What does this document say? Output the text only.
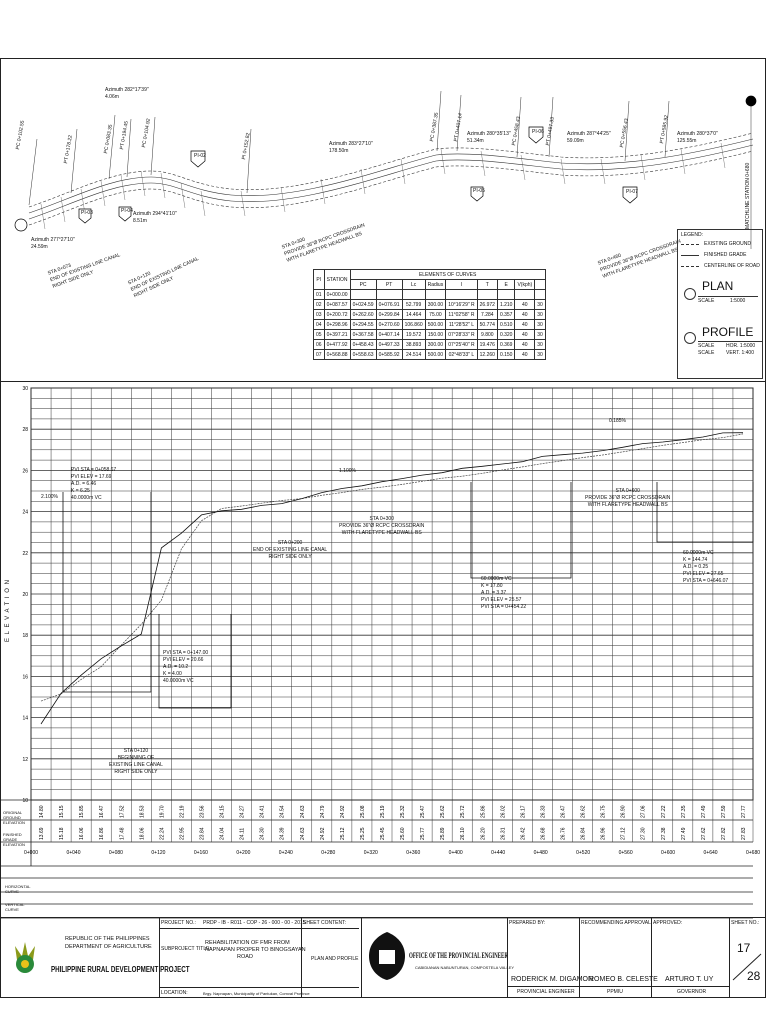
PC 0+102.55	PT 0+178.22	PC 0+083.35 PT 0+194.45 PC 0+104.92	PI 0+152.82
PC 0+387.35	PT 0+407.14	PC 0+458.43	PT 0+497.33	PC 0+556.43	PT 0+585.92
MATCHLINE STATION 0+680
Azimuth 282°17'39"
4.06m
Azimuth 283°27'10"
178.50m
Azimuth 280°35'13"
51.34m
Azimuth 287°44'25"
59.09m
Azimuth 280°37'0"
125.55m
Azimuth 277°27'10"
24.59m
Azimuth 294°41'10"
8.51m
STA 0+073
END OF EXISTING LINE CANAL
RIGHT SIDE ONLY	STA 0+120
END OF EXISTING LINE CANAL
RIGHT SIDE ONLY
STA 0+300
PROVIDE 36"Ø RCPC CROSSDRAIN
WITH FLARETYPE HEADWALL BS	STA 0+460
PROVIDE 36"Ø RCPC CROSSDRAIN
WITH FLARETYPE HEADWALL BS
PI-02
PI-03	PI-04
PI-05
PI-06
PI-07
PI	STATION	ELEMENTS OF CURVES								
		PC	PT	Lc	Radius	I	T	E	V(kph)	
01	0+000.00									
02	0+087.57	0+024.59	0+076.91	52.799	300.00	10°16'29" R	26.972	1.210	40	30
03	0+200.72	0+262.60	0+299.84	14.464	75.00	11°02'58" R	7.284	0.357	40	30
04	0+298.96	0+294.55	0+270.60	106.860	500.00	11°28'52" L	50.774	0.510	40	30
05	0+397.21	0+367.58	0+407.14	19.572	150.00	07°28'33" R	9.800	0.320	40	30
06	0+477.92	0+458.43	0+497.33	38.893	300.00	07°25'40" R	19.476	0.369	40	30
07	0+568.88	0+558.63	0+585.92	24.514	500.00	02°48'33" L	12.260	0.150	40	30
LEGEND:
EXISTING GROUND
FINISHED GRADE
CENTERLINE OF ROAD
PLAN
SCALE	1:5000
PROFILE
SCALE HOR. 1:5000
SCALE VERT. 1:400
E L E V A T I O N
30
28
26
24
22
20
18
16
14
12
10
14.80	15.15	15.85	16.47	17.52	18.53	19.70	22.19	23.56	24.15	24.27	24.41	24.54	24.63	24.79	24.92	25.08	25.19	25.32	25.47	25.62	25.72	25.86	26.02	26.17	26.33	26.47	26.62	26.75	26.90	27.06	27.22	27.35	27.49	27.59	27.77
13.69	15.18	16.06	16.86	17.48	18.06	22.24	22.95	23.84	24.04	24.11	24.30	24.39	24.63	24.92	25.12	25.25	25.45	25.60	25.77	25.89	26.10	26.20	26.31	26.42	26.68	26.76	26.84	26.96	27.12	27.30	27.38	27.49	27.62	27.82	27.83
0+000	0+040	0+080	0+120	0+160	0+200	0+240	0+280	0+320	0+360	0+400	0+440	0+480	0+520	0+560	0+600	0+640	0+680
PVI STA = 0+058.67
PVI ELEV = 17.69
A.D. = 6.46
K = 6.25
40.0000m VC
PVI STA = 0+147.00
PVI ELEV = 20.66
A.D. = 10.2
K = 4.00
40.0000m VC
60.0000m VC
K = 17.80
A.D. = 3.37
PVI ELEV = 25.57
PVI STA = 0+454.22
60.0000m VC
K = 144.74
A.D. = 0.25
PVI ELEV = 27.65
PVI STA = 0+646.07
1.100%
0.185%
2.100%
STA 0+120
BEGINNING OF
EXISTING LINE CANAL
RIGHT SIDE ONLY
STA 0+200
END OF EXISTING LINE CANAL
RIGHT SIDE ONLY
STA 0+300
PROVIDE 36"Ø RCPC CROSSDRAIN
WITH FLARETYPE HEADWALL BS
STA 0+600
PROVIDE 36"Ø RCPC CROSSDRAIN
WITH FLARETYPE HEADWALL BS
ORIGINAL GROUND ELEVATION
FINISHED GRADE ELEVATION
HORIZONTAL CURVE
VERTICAL CURVE
REPUBLIC OF THE PHILIPPINES
DEPARTMENT OF AGRICULTURE
PHILIPPINE RURAL DEVELOPMENT PROJECT
PROJECT NO.: PRDP - IB - R011 - COP - 26 - 000 - 00 - 2015
SUBPROJECT TITLE:
REHABILITATION OF FMR FROM
NAPNAPAN PROPER TO BINOGSAYAN
ROAD
LOCATION:	Brgy. Napnapan, Municipality of Pantukan, Comval Province
SHEET CONTENT:
PLAN AND PROFILE	OFFICE OF THE PROVINCIAL ENGINEER
CABIDIANAN NABUNTURAN, COMPOSTELA VALLEY
PREPARED BY:
RODERICK M. DIGAMON
PROVINCIAL ENGINEER
RECOMMENDING APPROVAL:
ROMEO B. CELESTE
PPMIU
APPROVED:
ARTURO T. UY
GOVERNOR
SHEET NO.:
17
28
